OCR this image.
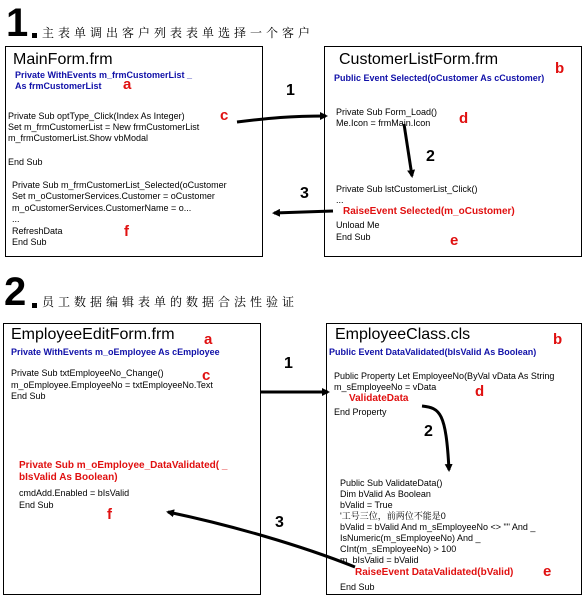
1 主表单调出客户列表表单选择一个客户
MainForm.frm
Private WithEvents m_frmCustomerList _
As frmCustomerList a
Private Sub optType_Click(Index As Integer) c
Set m_frmCustomerList = New frmCustomerList
m_frmCustomerList.Show vbModal
End Sub
Private Sub m_frmCustomerList_Selected(oCustomer
Set m_oCustomerServices.Customer = oCustomer
m_oCustomerServices.CustomerName = o...
...
RefreshData	f
End Sub
CustomerListForm.frm
b
Public Event Selected(oCustomer As cCustomer)
Private Sub Form_Load()
Me.Icon = frmMain.Icon d
Private Sub lstCustomerList_Click()
...
RaiseEvent Selected(m_oCustomer)
Unload Me
End Sub	e
1
2
3
2 员工数据编辑表单的数据合法性验证
EmployeeEditForm.frm a
Private WithEvents m_oEmployee As cEmployee
Private Sub txtEmployeeNo_Change()	c
m_oEmployee.EmployeeNo = txtEmployeeNo.Text
End Sub
Private Sub m_oEmployee_DataValidated( _
bIsValid As Boolean)
cmdAdd.Enabled = bIsValid
End Sub
f
EmployeeClass.cls	b
Public Event DataValidated(bIsValid As Boolean)
Public Property Let EmployeeNo(ByVal vData As String
m_sEmployeeNo = vData	d
ValidateData
End Property
Public Sub ValidateData()
Dim bValid As Boolean
bValid = True
'工号三位，前两位不能是0
bValid = bValid And m_sEmployeeNo <> "" And _
IsNumeric(m_sEmployeeNo) And _
CInt(m_sEmployeeNo) > 100
m_bIsValid = bValid
RaiseEvent DataValidated(bValid) e
End Sub
1
2
3
